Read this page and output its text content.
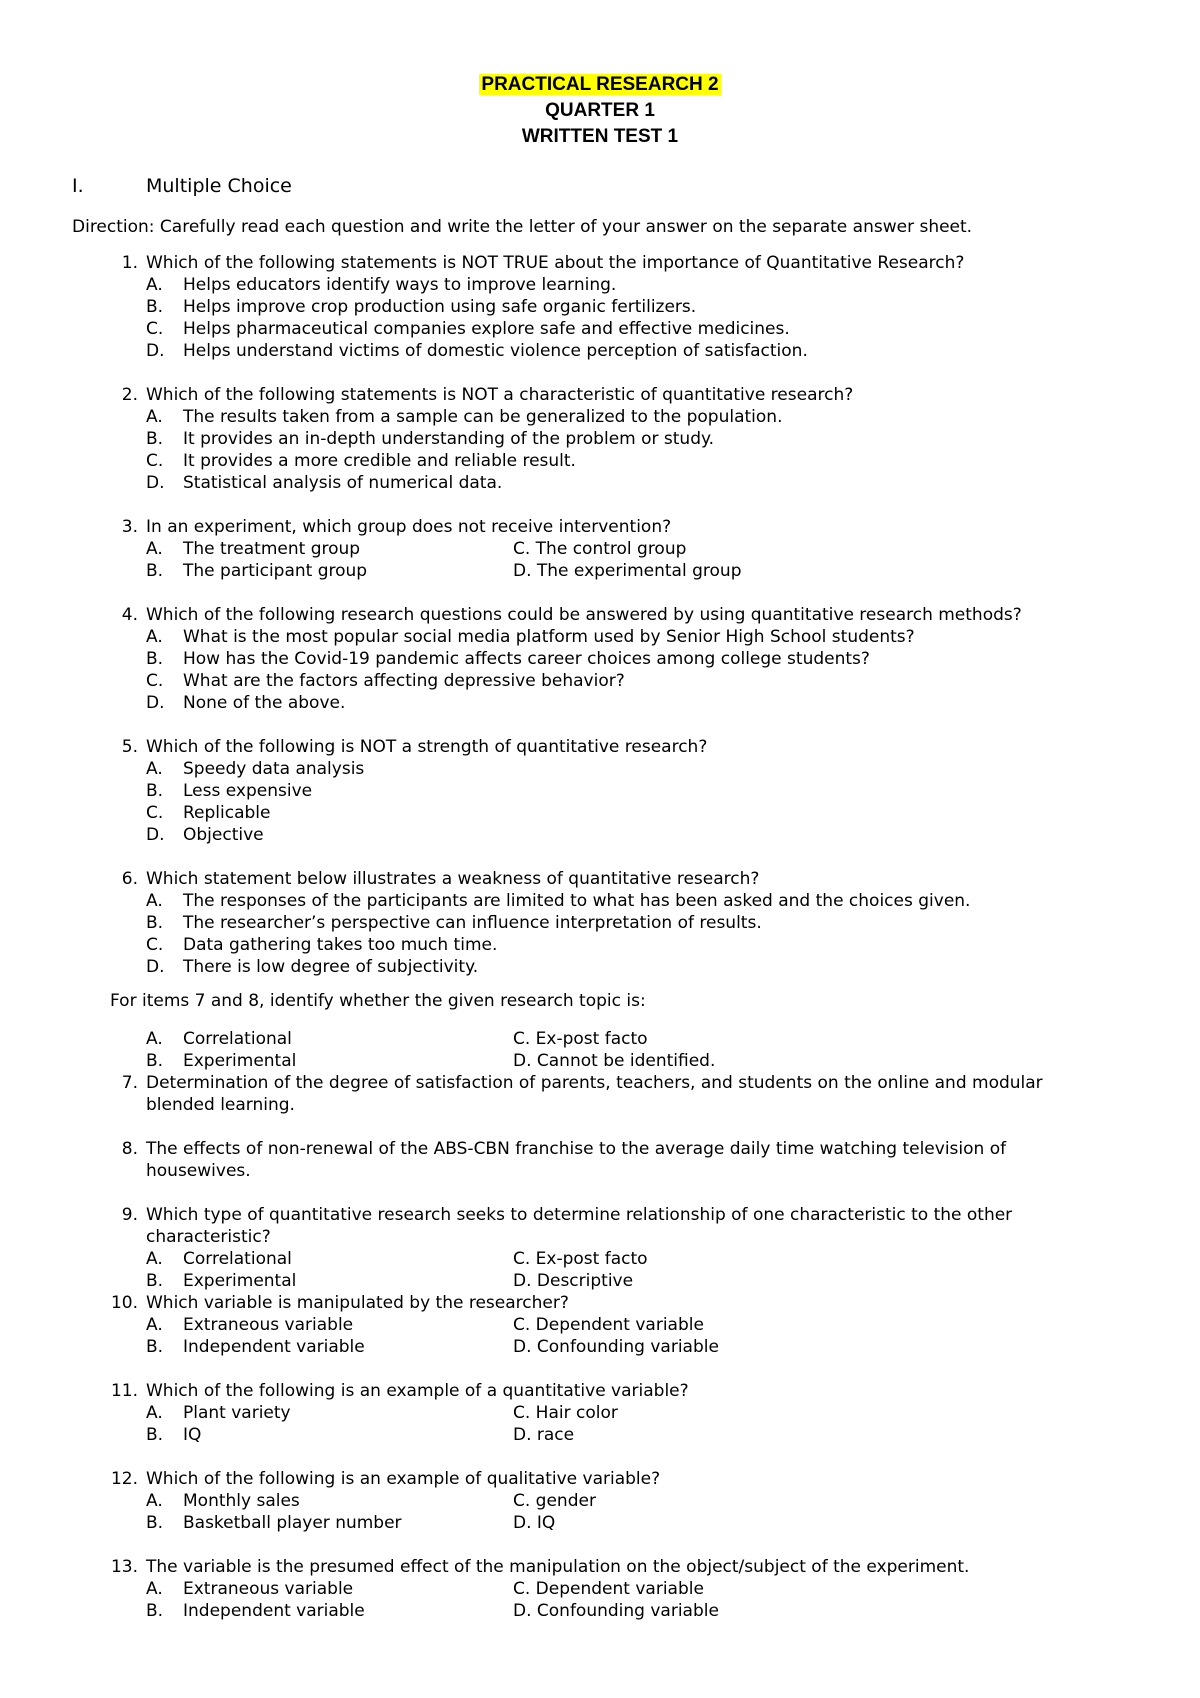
PRACTICAL RESEARCH 2
QUARTER 1
WRITTEN TEST 1
I.	Multiple Choice
Direction: Carefully read each question and write the letter of your answer on the separate answer sheet.
1. Which of the following statements is NOT TRUE about the importance of Quantitative Research?
A. Helps educators identify ways to improve learning.
B. Helps improve crop production using safe organic fertilizers.
C. Helps pharmaceutical companies explore safe and effective medicines.
D. Helps understand victims of domestic violence perception of satisfaction.
2. Which of the following statements is NOT a characteristic of quantitative research?
A. The results taken from a sample can be generalized to the population.
B. It provides an in-depth understanding of the problem or study.
C. It provides a more credible and reliable result.
D. Statistical analysis of numerical data.
3. In an experiment, which group does not receive intervention?
A. The treatment group	C. The control group
B. The participant group	D. The experimental group
4. Which of the following research questions could be answered by using quantitative research methods?
A. What is the most popular social media platform used by Senior High School students?
B. How has the Covid-19 pandemic affects career choices among college students?
C. What are the factors affecting depressive behavior?
D. None of the above.
5. Which of the following is NOT a strength of quantitative research?
A. Speedy data analysis
B. Less expensive
C. Replicable
D. Objective
6. Which statement below illustrates a weakness of quantitative research?
A. The responses of the participants are limited to what has been asked and the choices given.
B. The researcher’s perspective can influence interpretation of results.
C. Data gathering takes too much time.
D. There is low degree of subjectivity.
For items 7 and 8, identify whether the given research topic is:
A. Correlational	C. Ex-post facto
B. Experimental	D. Cannot be identified.
7. Determination of the degree of satisfaction of parents, teachers, and students on the online and modular blended learning.
8. The effects of non-renewal of the ABS-CBN franchise to the average daily time watching television of housewives.
9. Which type of quantitative research seeks to determine relationship of one characteristic to the other characteristic?
A. Correlational	C. Ex-post facto
B. Experimental	D. Descriptive
10. Which variable is manipulated by the researcher?
A. Extraneous variable	C. Dependent variable
B. Independent variable	D. Confounding variable
11. Which of the following is an example of a quantitative variable?
A. Plant variety	C. Hair color
B. IQ	D. race
12. Which of the following is an example of qualitative variable?
A. Monthly sales	C. gender
B. Basketball player number	D. IQ
13. The variable is the presumed effect of the manipulation on the object/subject of the experiment.
A. Extraneous variable	C. Dependent variable
B. Independent variable	D. Confounding variable
